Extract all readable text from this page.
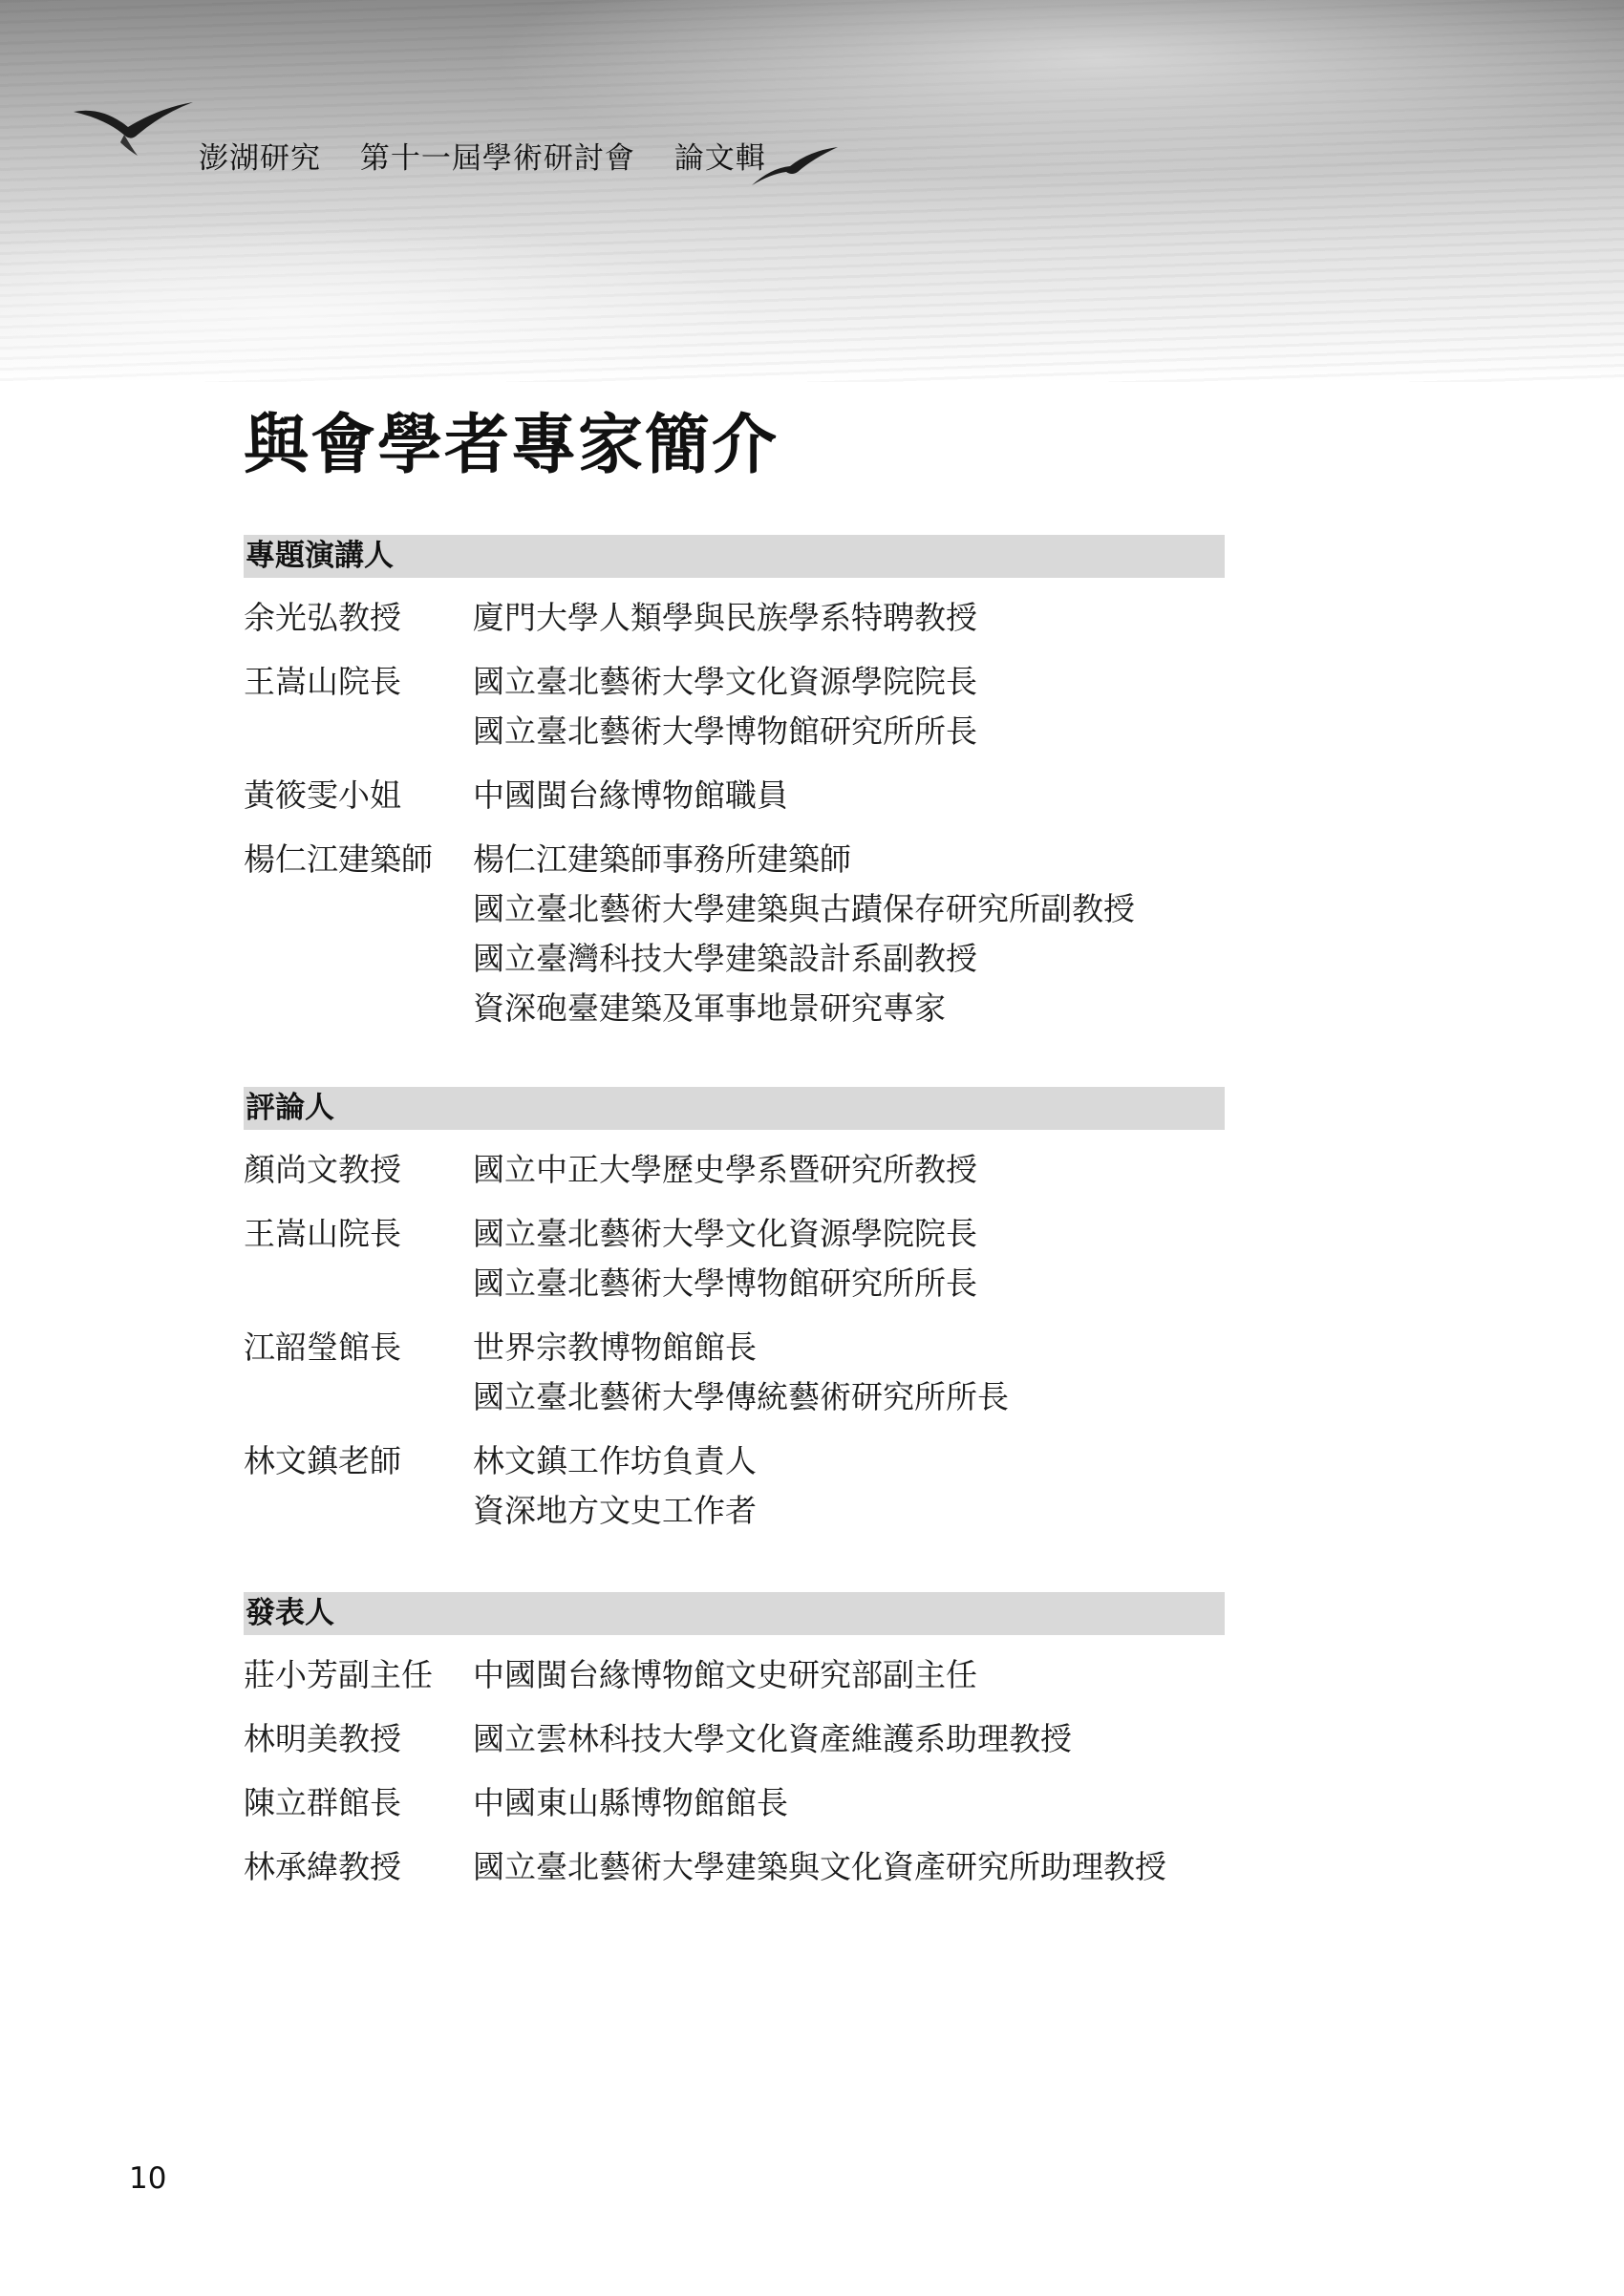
澎湖研究 第十一屆學術研討會 論文輯
與會學者專家簡介
專題演講人
余光弘教授	廈門大學人類學與民族學系特聘教授
王嵩山院長	國立臺北藝術大學文化資源學院院長
國立臺北藝術大學博物館研究所所長
黃筱雯小姐	中國閩台緣博物館職員
楊仁江建築師	楊仁江建築師事務所建築師
國立臺北藝術大學建築與古蹟保存研究所副教授
國立臺灣科技大學建築設計系副教授
資深砲臺建築及軍事地景研究專家
評論人
顏尚文教授	國立中正大學歷史學系暨研究所教授
王嵩山院長	國立臺北藝術大學文化資源學院院長
國立臺北藝術大學博物館研究所所長
江韶瑩館長	世界宗教博物館館長
國立臺北藝術大學傳統藝術研究所所長
林文鎮老師	林文鎮工作坊負責人
資深地方文史工作者
發表人
莊小芳副主任	中國閩台緣博物館文史研究部副主任
林明美教授	國立雲林科技大學文化資產維護系助理教授
陳立群館長	中國東山縣博物館館長
林承緯教授	國立臺北藝術大學建築與文化資產研究所助理教授
10
